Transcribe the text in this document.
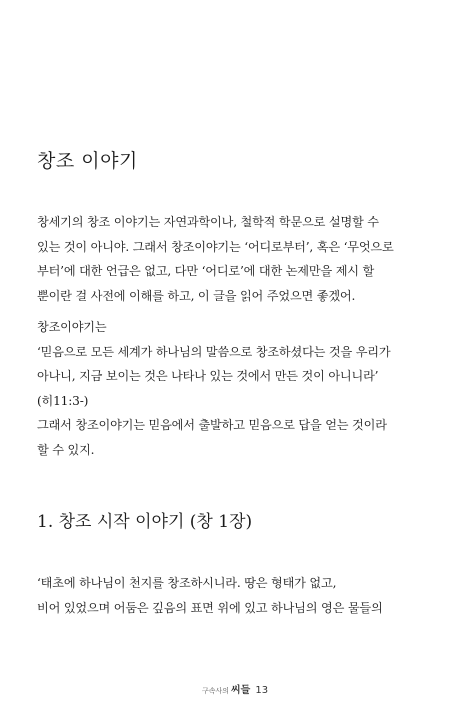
창조 이야기

창세기의 창조 이야기는 자연과학이나, 철학적 학문으로 설명할 수
있는 것이 아니야. 그래서 창조이야기는 ‘어디로부터’, 혹은 ‘무엇으로
부터’에 대한 언급은 없고, 다만 ‘어디로’에 대한 논제만을 제시 할
뿐이란 걸 사전에 이해를 하고, 이 글을 읽어 주었으면 좋겠어.

창조이야기는
‘믿음으로 모든 세계가 하나님의 말씀으로 창조하셨다는 것을 우리가
아나니, 지금 보이는 것은 나타나 있는 것에서 만든 것이 아니니라’
(히11:3-)
그래서 창조이야기는 믿음에서 출발하고 믿음으로 답을 얻는 것이라
할 수 있지.

1. 창조 시작 이야기 (창 1장)

‘태초에 하나님이 천지를 창조하시니라. 땅은 형태가 없고,
비어 있었으며 어둠은 깊음의 표면 위에 있고 하나님의 영은 물들의

구속사의 씨들 13
